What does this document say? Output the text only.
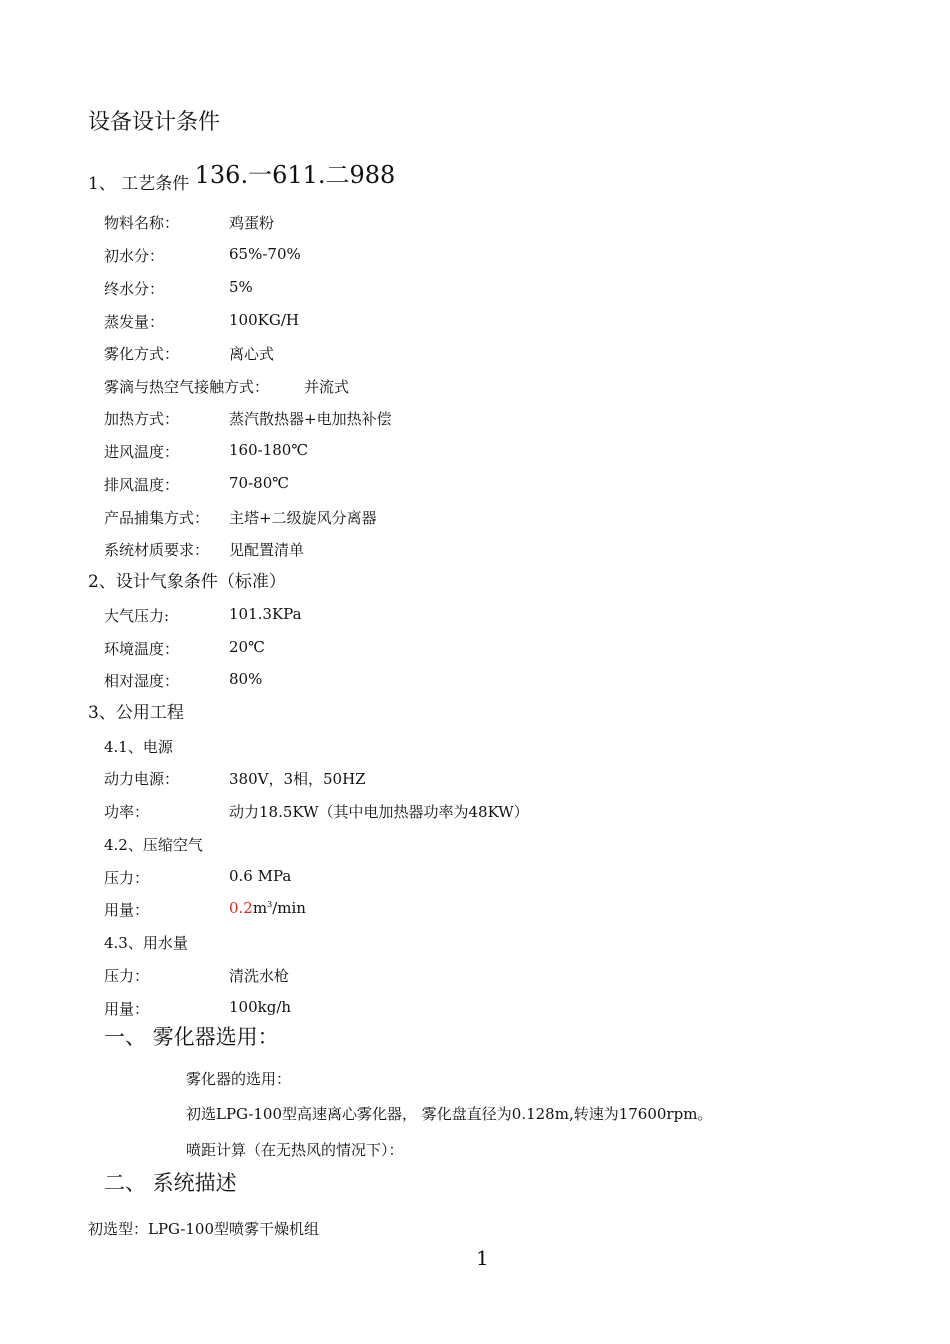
设备设计条件
1、 工艺条件 136.一611.二988
物料名称：	鸡蛋粉
初水分：	65%-70%
终水分：	5%
蒸发量：	100KG/H
雾化方式：	离心式
雾滴与热空气接触方式： 并流式
加热方式：	蒸汽散热器+电加热补偿
进风温度：	160-180℃
排风温度：	70-80℃
产品捕集方式： 主塔+二级旋风分离器
系统材质要求： 见配置清单
2、设计气象条件（标准）
大气压力:	101.3KPa
环境温度：	20℃
相对湿度：	80%
3、公用工程
4.1、电源
动力电源：	380V，3相，50HZ
功率：	动力18.5KW（其中电加热器功率为48KW）
4.2、压缩空气
压力：	0.6 MPa
用量：	$0.2m^3/\min$
4.3、用水量
压力：	清洗水枪
用量：	100kg/h
一、 雾化器选用：
雾化器的选用：
初选LPG-100型高速离心雾化器， 雾化盘直径为0.128m,转速为17600rpm。
喷距计算（在无热风的情况下）：
二、 系统描述
初选型：LPG-100型喷雾干燥机组
1
